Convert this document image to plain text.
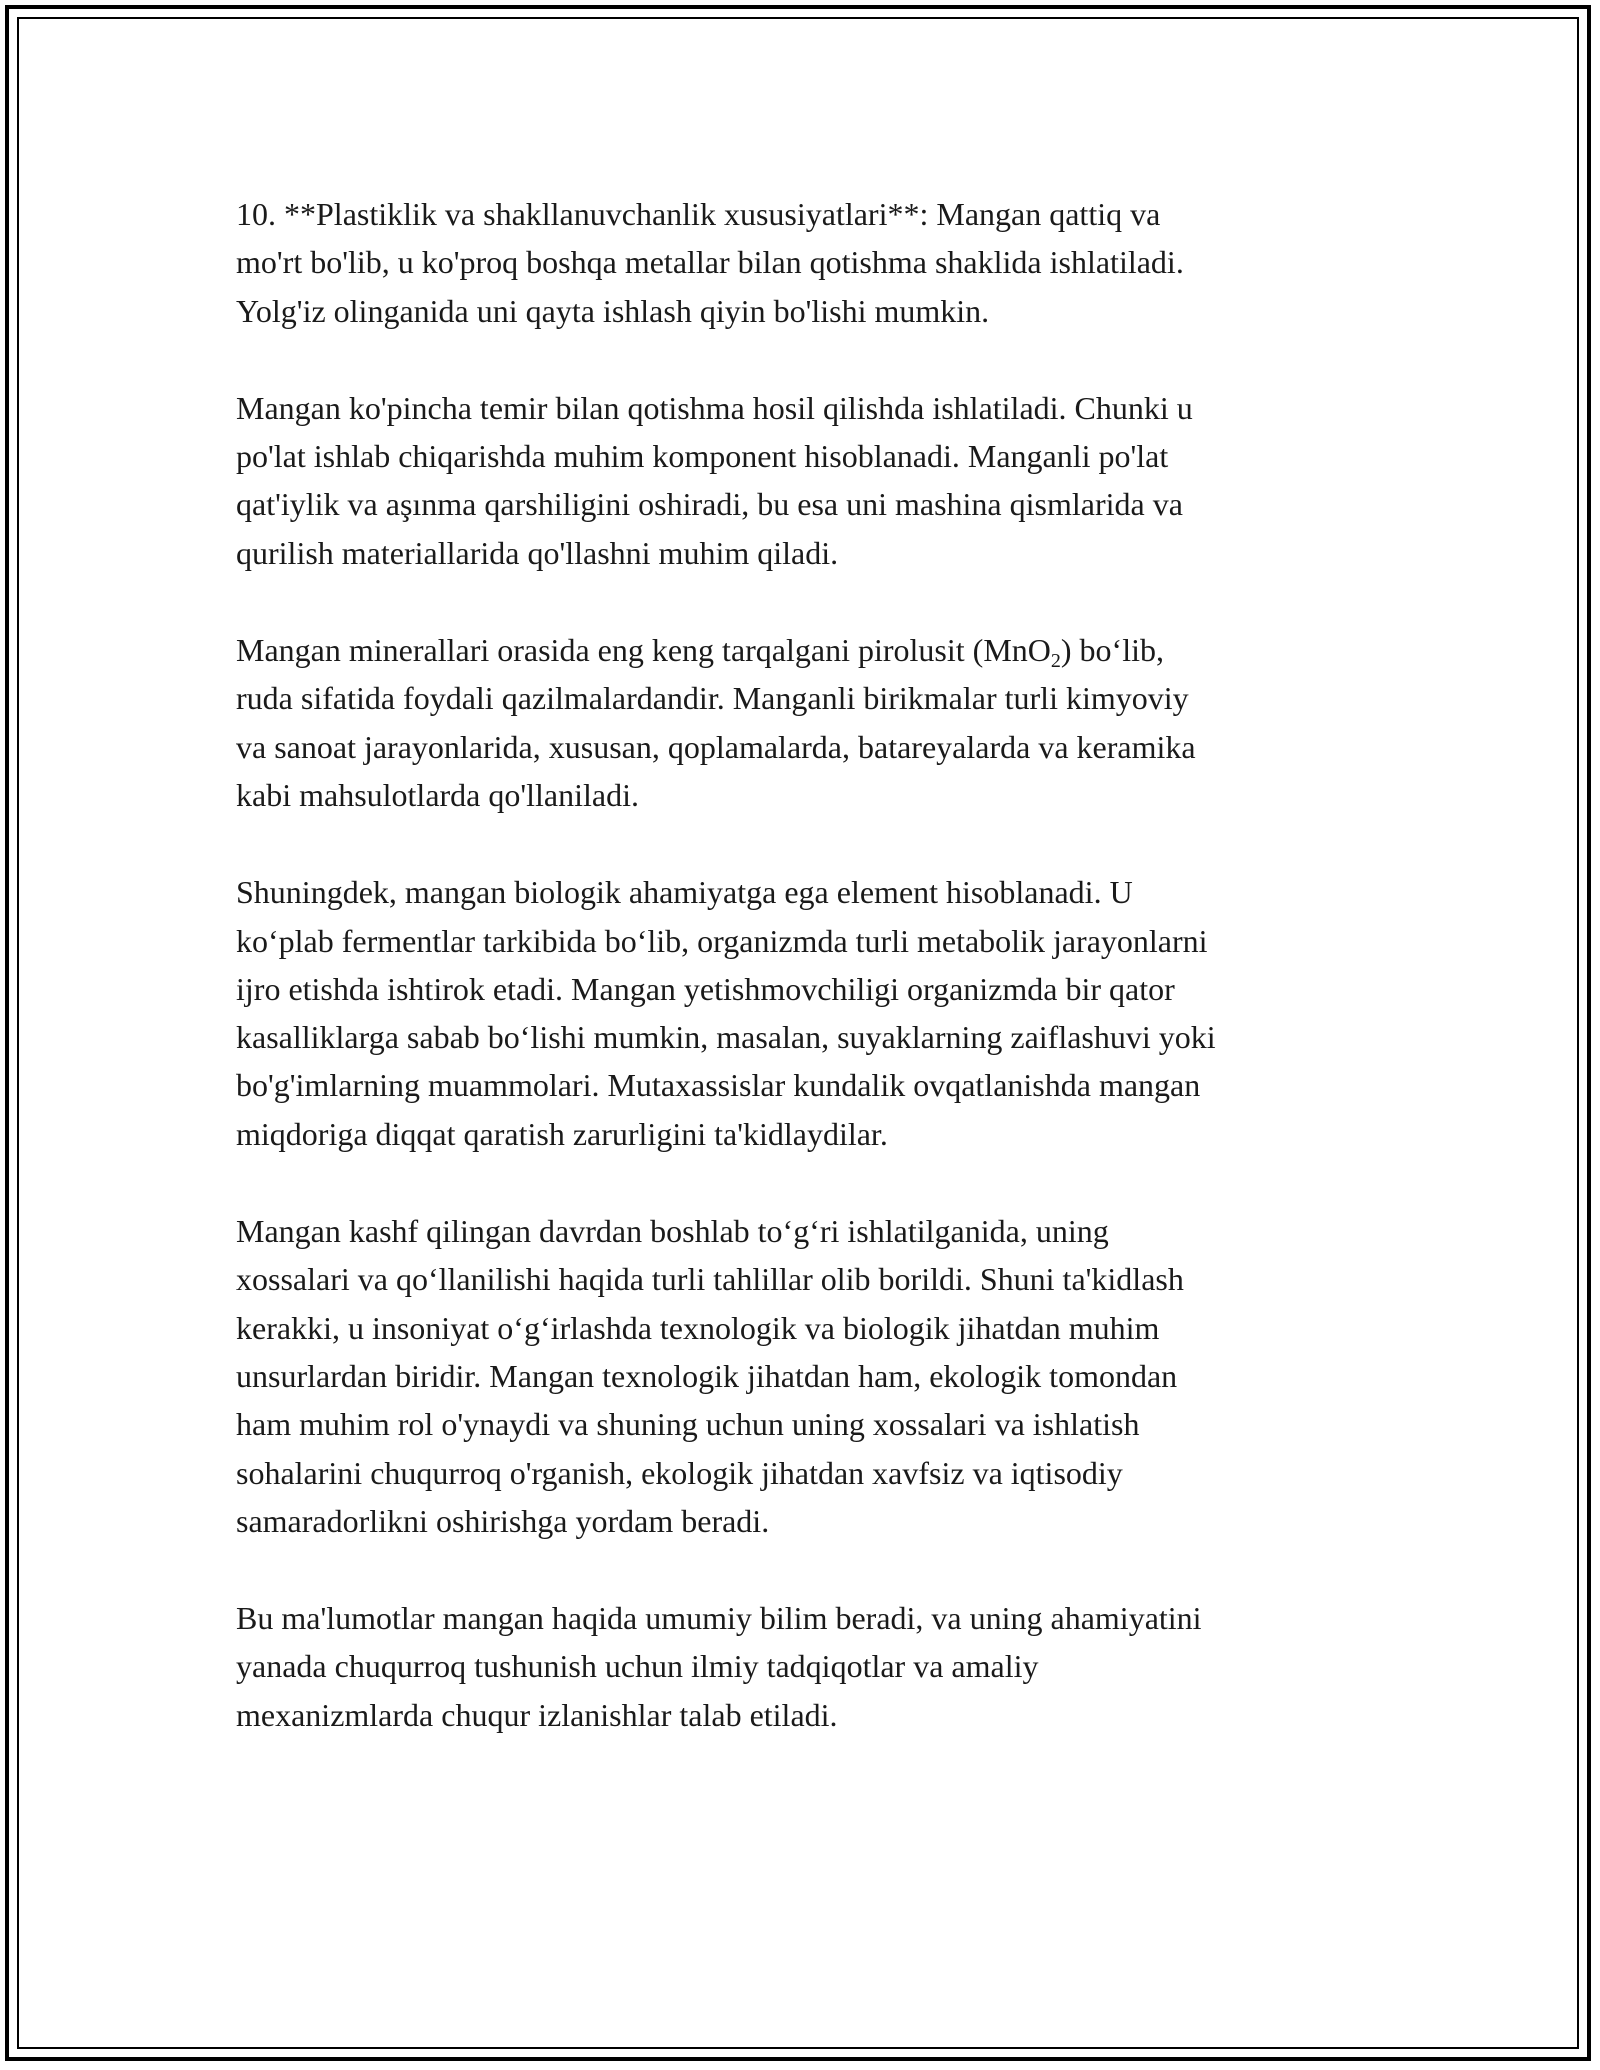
10. **Plastiklik va shakllanuvchanlik xususiyatlari**: Mangan qattiq va
mo'rt bo'lib, u ko'proq boshqa metallar bilan qotishma shaklida ishlatiladi.
Yolg'iz olinganida uni qayta ishlash qiyin bo'lishi mumkin.

Mangan ko'pincha temir bilan qotishma hosil qilishda ishlatiladi. Chunki u
po'lat ishlab chiqarishda muhim komponent hisoblanadi. Manganli po'lat
qat'iylik va aşınma qarshiligini oshiradi, bu esa uni mashina qismlarida va
qurilish materiallarida qo'llashni muhim qiladi.

Mangan minerallari orasida eng keng tarqalgani pirolusit (MnO$_2$) bo‘lib,
ruda sifatida foydali qazilmalardandir. Manganli birikmalar turli kimyoviy
va sanoat jarayonlarida, xususan, qoplamalarda, batareyalarda va keramika
kabi mahsulotlarda qo'llaniladi.

Shuningdek, mangan biologik ahamiyatga ega element hisoblanadi. U
ko‘plab fermentlar tarkibida bo‘lib, organizmda turli metabolik jarayonlarni
ijro etishda ishtirok etadi. Mangan yetishmovchiligi organizmda bir qator
kasalliklarga sabab bo‘lishi mumkin, masalan, suyaklarning zaiflashuvi yoki
bo'g'imlarning muammolari. Mutaxassislar kundalik ovqatlanishda mangan
miqdoriga diqqat qaratish zarurligini ta'kidlaydilar.

Mangan kashf qilingan davrdan boshlab to‘g‘ri ishlatilganida, uning
xossalari va qo‘llanilishi haqida turli tahlillar olib borildi. Shuni ta'kidlash
kerakki, u insoniyat o‘g‘irlashda texnologik va biologik jihatdan muhim
unsurlardan biridir. Mangan texnologik jihatdan ham, ekologik tomondan
ham muhim rol o'ynaydi va shuning uchun uning xossalari va ishlatish
sohalarini chuqurroq o'rganish, ekologik jihatdan xavfsiz va iqtisodiy
samaradorlikni oshirishga yordam beradi.

Bu ma'lumotlar mangan haqida umumiy bilim beradi, va uning ahamiyatini
yanada chuqurroq tushunish uchun ilmiy tadqiqotlar va amaliy
mexanizmlarda chuqur izlanishlar talab etiladi.
